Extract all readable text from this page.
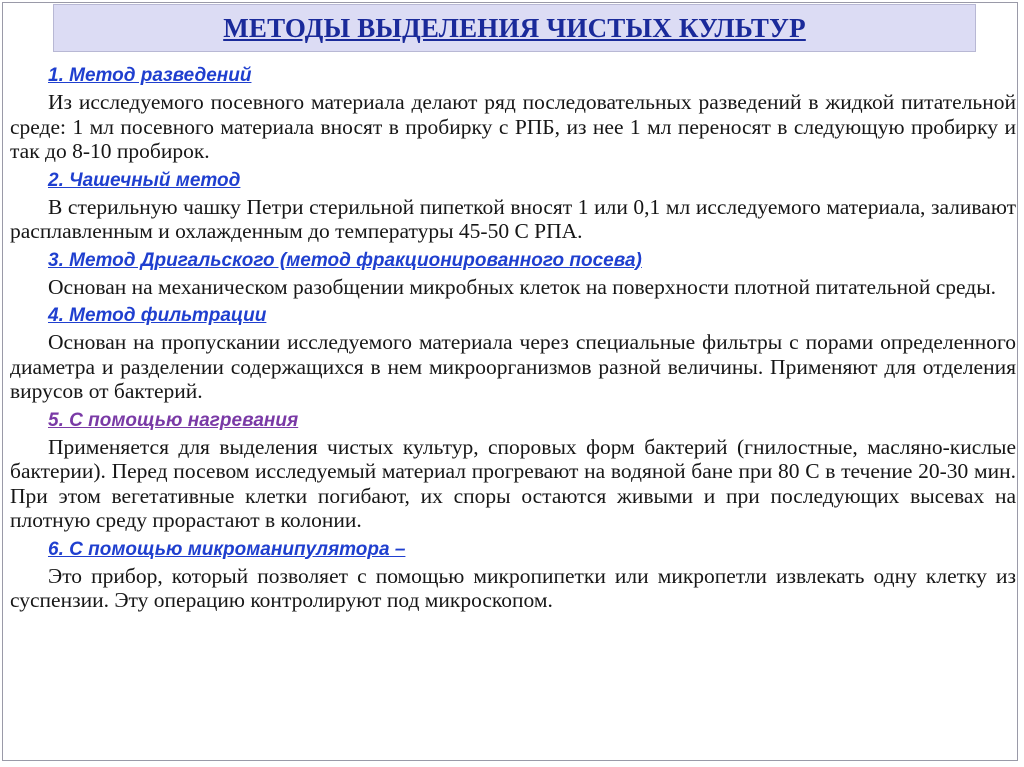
МЕТОДЫ ВЫДЕЛЕНИЯ ЧИСТЫХ КУЛЬТУР
1. Метод разведений
Из исследуемого посевного материала делают ряд последовательных разведений в жидкой питательной среде: 1 мл посевного материала вносят в пробирку с РПБ, из нее 1 мл переносят в следующую пробирку и так до 8-10 пробирок.
2. Чашечный метод
В стерильную чашку Петри стерильной пипеткой вносят 1 или 0,1 мл исследуемого материала, заливают расплавленным и охлажденным до температуры 45-50 С РПА.
3. Метод Дригальского (метод фракционированного посева)
Основан на механическом разобщении микробных клеток на поверхности плотной питательной среды.
4. Метод фильтрации
Основан на пропускании исследуемого материала через специальные фильтры с порами определенного диаметра и разделении содержащихся в нем микроорганизмов разной величины. Применяют для отделения вирусов от бактерий.
5. С помощью нагревания
Применяется для выделения чистых культур, споровых форм бактерий (гнилостные, масляно-кислые бактерии). Перед посевом исследуемый материал прогревают на водяной бане при 80 С в течение 20-30 мин. При этом вегетативные клетки погибают, их споры остаются живыми и при последующих высевах на плотную среду прорастают в колонии.
6. С помощью микроманипулятора –
Это прибор, который позволяет с помощью микропипетки или микропетли извлекать одну клетку из суспензии. Эту операцию контролируют под микроскопом.
